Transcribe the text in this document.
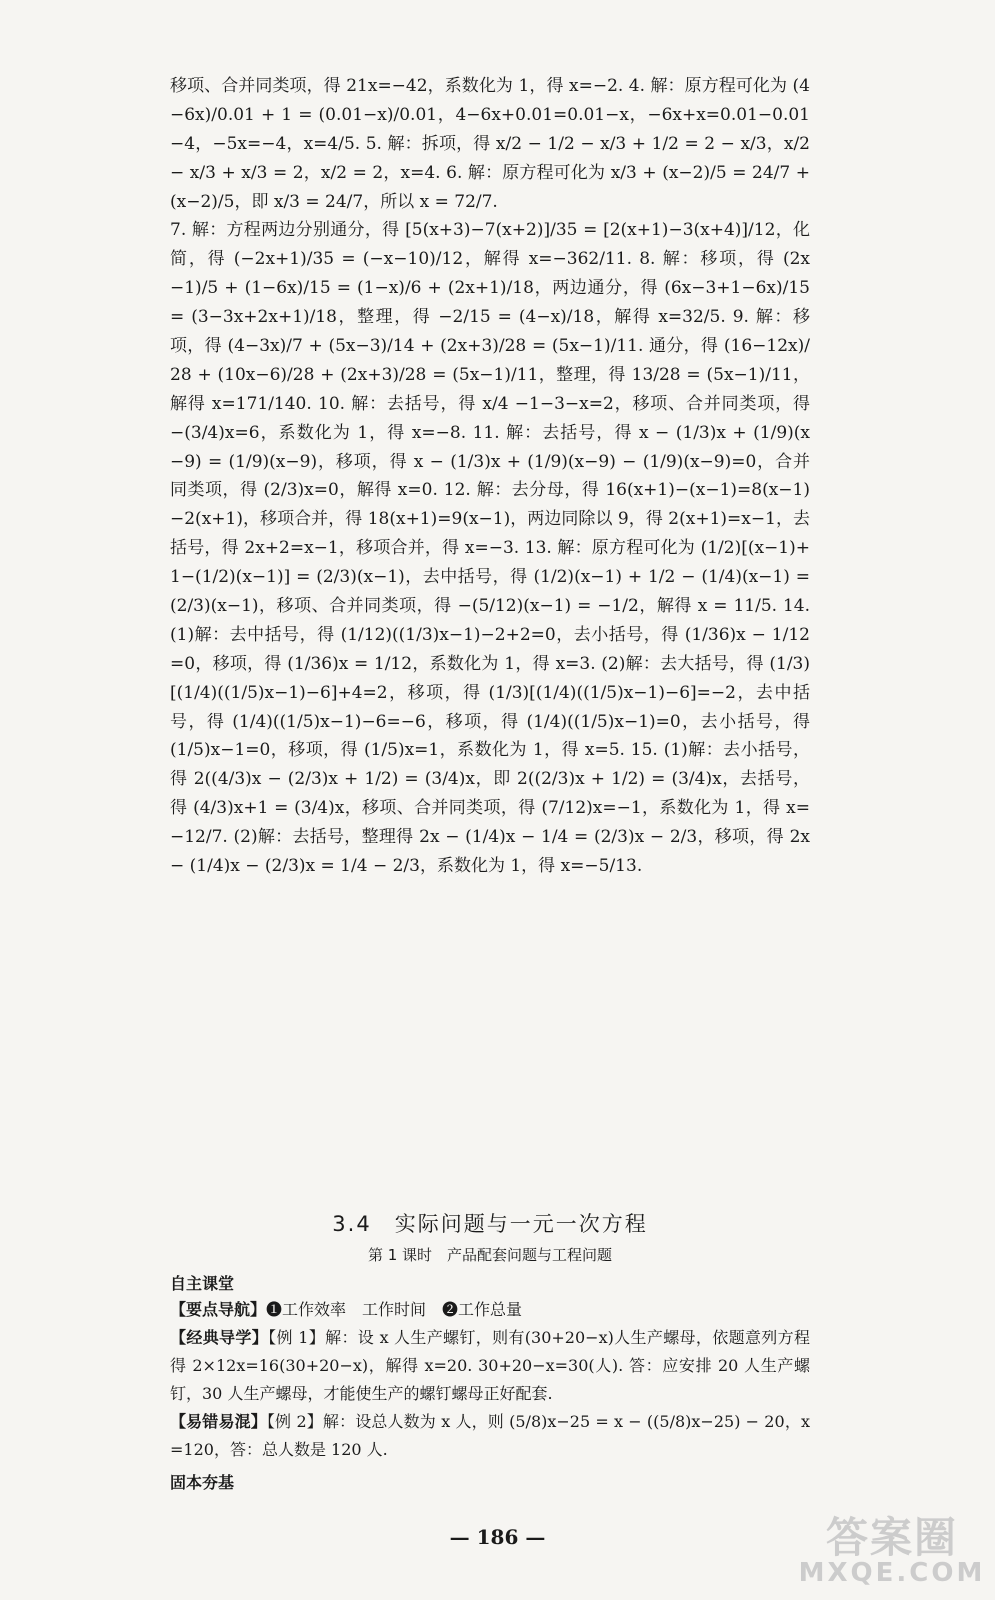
移项、合并同类项，得 21x=−42，系数化为 1，得 x=−2. 4. 解：原方程可化为 (4−6x)/0.01 + 1 = (0.01−x)/0.01，4−6x+0.01=0.01−x，−6x+x=0.01−0.01−4，−5x=−4，x=4/5. 5. 解：拆项，得 x/2 − 1/2 − x/3 + 1/2 = 2 − x/3，x/2 − x/3 + x/3 = 2，x/2 = 2，x=4. 6. 解：原方程可化为 x/3 + (x−2)/5 = 24/7 + (x−2)/5，即 x/3 = 24/7，所以 x = 72/7.

7. 解：方程两边分别通分，得 [5(x+3)−7(x+2)]/35 = [2(x+1)−3(x+4)]/12，化简，得 (−2x+1)/35 = (−x−10)/12，解得 x=−362/11. 8. 解：移项，得 (2x−1)/5 + (1−6x)/15 = (1−x)/6 + (2x+1)/18，两边通分，得 (6x−3+1−6x)/15 = (3−3x+2x+1)/18，整理，得 −2/15 = (4−x)/18，解得 x=32/5. 9. 解：移项，得 (4−3x)/7 + (5x−3)/14 + (2x+3)/28 = (5x−1)/11. 通分，得 (16−12x)/28 + (10x−6)/28 + (2x+3)/28 = (5x−1)/11，整理，得 13/28 = (5x−1)/11，解得 x=171/140. 10. 解：去括号，得 x/4 −1−3−x=2，移项、合并同类项，得 −(3/4)x=6，系数化为 1，得 x=−8. 11. 解：去括号，得 x − (1/3)x + (1/9)(x−9) = (1/9)(x−9)，移项，得 x − (1/3)x + (1/9)(x−9) − (1/9)(x−9)=0，合并同类项，得 (2/3)x=0，解得 x=0. 12. 解：去分母，得 16(x+1)−(x−1)=8(x−1)−2(x+1)，移项合并，得 18(x+1)=9(x−1)，两边同除以 9，得 2(x+1)=x−1，去括号，得 2x+2=x−1，移项合并，得 x=−3. 13. 解：原方程可化为 (1/2)[(x−1)+1−(1/2)(x−1)] = (2/3)(x−1)，去中括号，得 (1/2)(x−1) + 1/2 − (1/4)(x−1) = (2/3)(x−1)，移项、合并同类项，得 −(5/12)(x−1) = −1/2，解得 x = 11/5. 14. (1)解：去中括号，得 (1/12)((1/3)x−1)−2+2=0，去小括号，得 (1/36)x − 1/12 =0，移项，得 (1/36)x = 1/12，系数化为 1，得 x=3. (2)解：去大括号，得 (1/3)[(1/4)((1/5)x−1)−6]+4=2，移项，得 (1/3)[(1/4)((1/5)x−1)−6]=−2，去中括号，得 (1/4)((1/5)x−1)−6=−6，移项，得 (1/4)((1/5)x−1)=0，去小括号，得 (1/5)x−1=0，移项，得 (1/5)x=1，系数化为 1，得 x=5. 15. (1)解：去小括号，得 2((4/3)x − (2/3)x + 1/2) = (3/4)x，即 2((2/3)x + 1/2) = (3/4)x，去括号，得 (4/3)x+1 = (3/4)x，移项、合并同类项，得 (7/12)x=−1，系数化为 1，得 x=−12/7. (2)解：去括号，整理得 2x − (1/4)x − 1/4 = (2/3)x − 2/3，移项，得 2x − (1/4)x − (2/3)x = 1/4 − 2/3，系数化为 1，得 x=−5/13.

3.4　实际问题与一元一次方程

第 1 课时　产品配套问题与工程问题

自主课堂

【要点导航】❶工作效率　工作时间　❷工作总量

【经典导学】【例 1】解：设 x 人生产螺钉，则有(30+20−x)人生产螺母，依题意列方程得 2×12x=16(30+20−x)，解得 x=20. 30+20−x=30(人). 答：应安排 20 人生产螺钉，30 人生产螺母，才能使生产的螺钉螺母正好配套.

【易错易混】【例 2】解：设总人数为 x 人，则 (5/8)x−25 = x − ((5/8)x−25) − 20，x=120，答：总人数是 120 人.

固本夯基

— 186 —	答案圈
MXQE.COM
